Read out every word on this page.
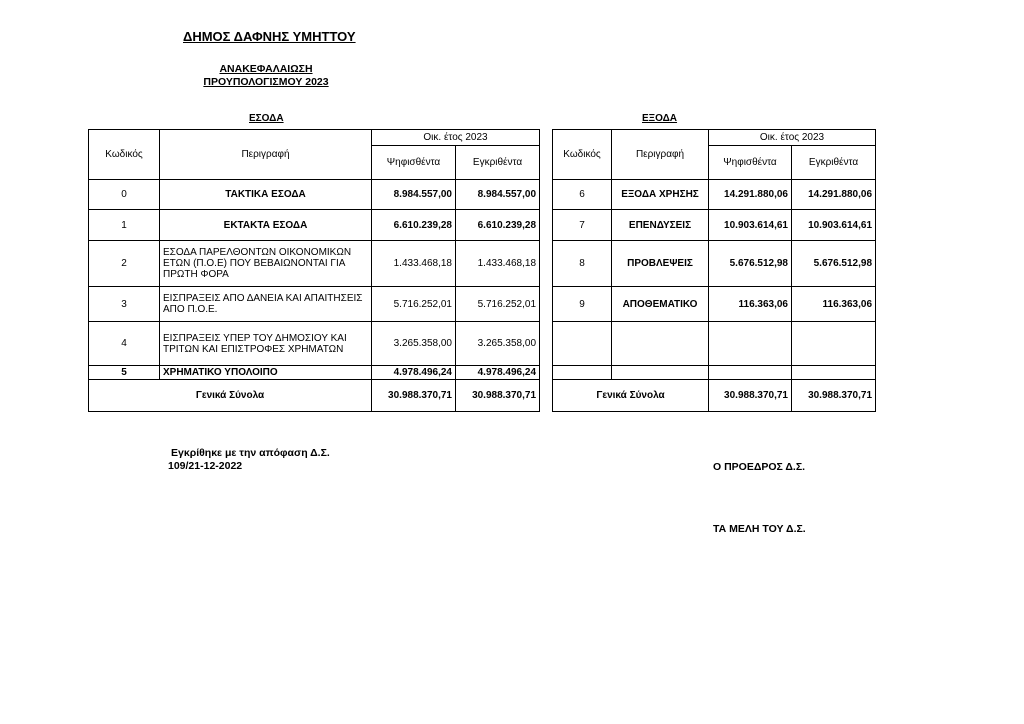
ΔΗΜΟΣ ΔΑΦΝΗΣ ΥΜΗΤΤΟΥ
ΑΝΑΚΕΦΑΛΑΙΩΣΗ
ΠΡΟΥΠΟΛΟΓΙΣΜΟΥ 2023
ΕΣΟΔΑ	ΕΞΟΔΑ
Κωδικός	Περιγραφή	Οικ. έτος 2023	
		Ψηφισθέντα	Εγκριθέντα
0	ΤΑΚΤΙΚΑ ΕΣΟΔΑ	8.984.557,00	8.984.557,00
1	ΕΚΤΑΚΤΑ ΕΣΟΔΑ	6.610.239,28	6.610.239,28
2	ΕΣΟΔΑ ΠΑΡΕΛΘΟΝΤΩΝ ΟΙΚΟΝΟΜΙΚΩΝ ΕΤΩΝ (Π.Ο.Ε) ΠΟΥ ΒΕΒΑΙΩΝΟΝΤΑΙ ΓΙΑ ΠΡΩΤΗ ΦΟΡΑ	1.433.468,18	1.433.468,18
3	ΕΙΣΠΡΑΞΕΙΣ ΑΠΟ ΔΑΝΕΙΑ ΚΑΙ ΑΠΑΙΤΗΣΕΙΣ ΑΠΟ Π.Ο.Ε.	5.716.252,01	5.716.252,01
4	ΕΙΣΠΡΑΞΕΙΣ ΥΠΕΡ ΤΟΥ ΔΗΜΟΣΙΟΥ ΚΑΙ ΤΡΙΤΩΝ ΚΑΙ ΕΠΙΣΤΡΟΦΕΣ ΧΡΗΜΑΤΩΝ	3.265.358,00	3.265.358,00
5	ΧΡΗΜΑΤΙΚΟ ΥΠΟΛΟΙΠΟ	4.978.496,24	4.978.496,24
Γενικά Σύνολα		30.988.370,71	30.988.370,71
Κωδικός	Περιγραφή	Οικ. έτος 2023	
		Ψηφισθέντα	Εγκριθέντα
6	ΕΞΟΔΑ ΧΡΗΣΗΣ	14.291.880,06	14.291.880,06
7	ΕΠΕΝΔΥΣΕΙΣ	10.903.614,61	10.903.614,61
8	ΠΡΟΒΛΕΨΕΙΣ	5.676.512,98	5.676.512,98
9	ΑΠΟΘΕΜΑΤΙΚΟ	116.363,06	116.363,06

Γενικά Σύνολα		30.988.370,71	30.988.370,71
Εγκρίθηκε με την απόφαση Δ.Σ.
109/21-12-2022	Ο ΠΡΟΕΔΡΟΣ Δ.Σ.
ΤΑ ΜΕΛΗ ΤΟΥ Δ.Σ.
